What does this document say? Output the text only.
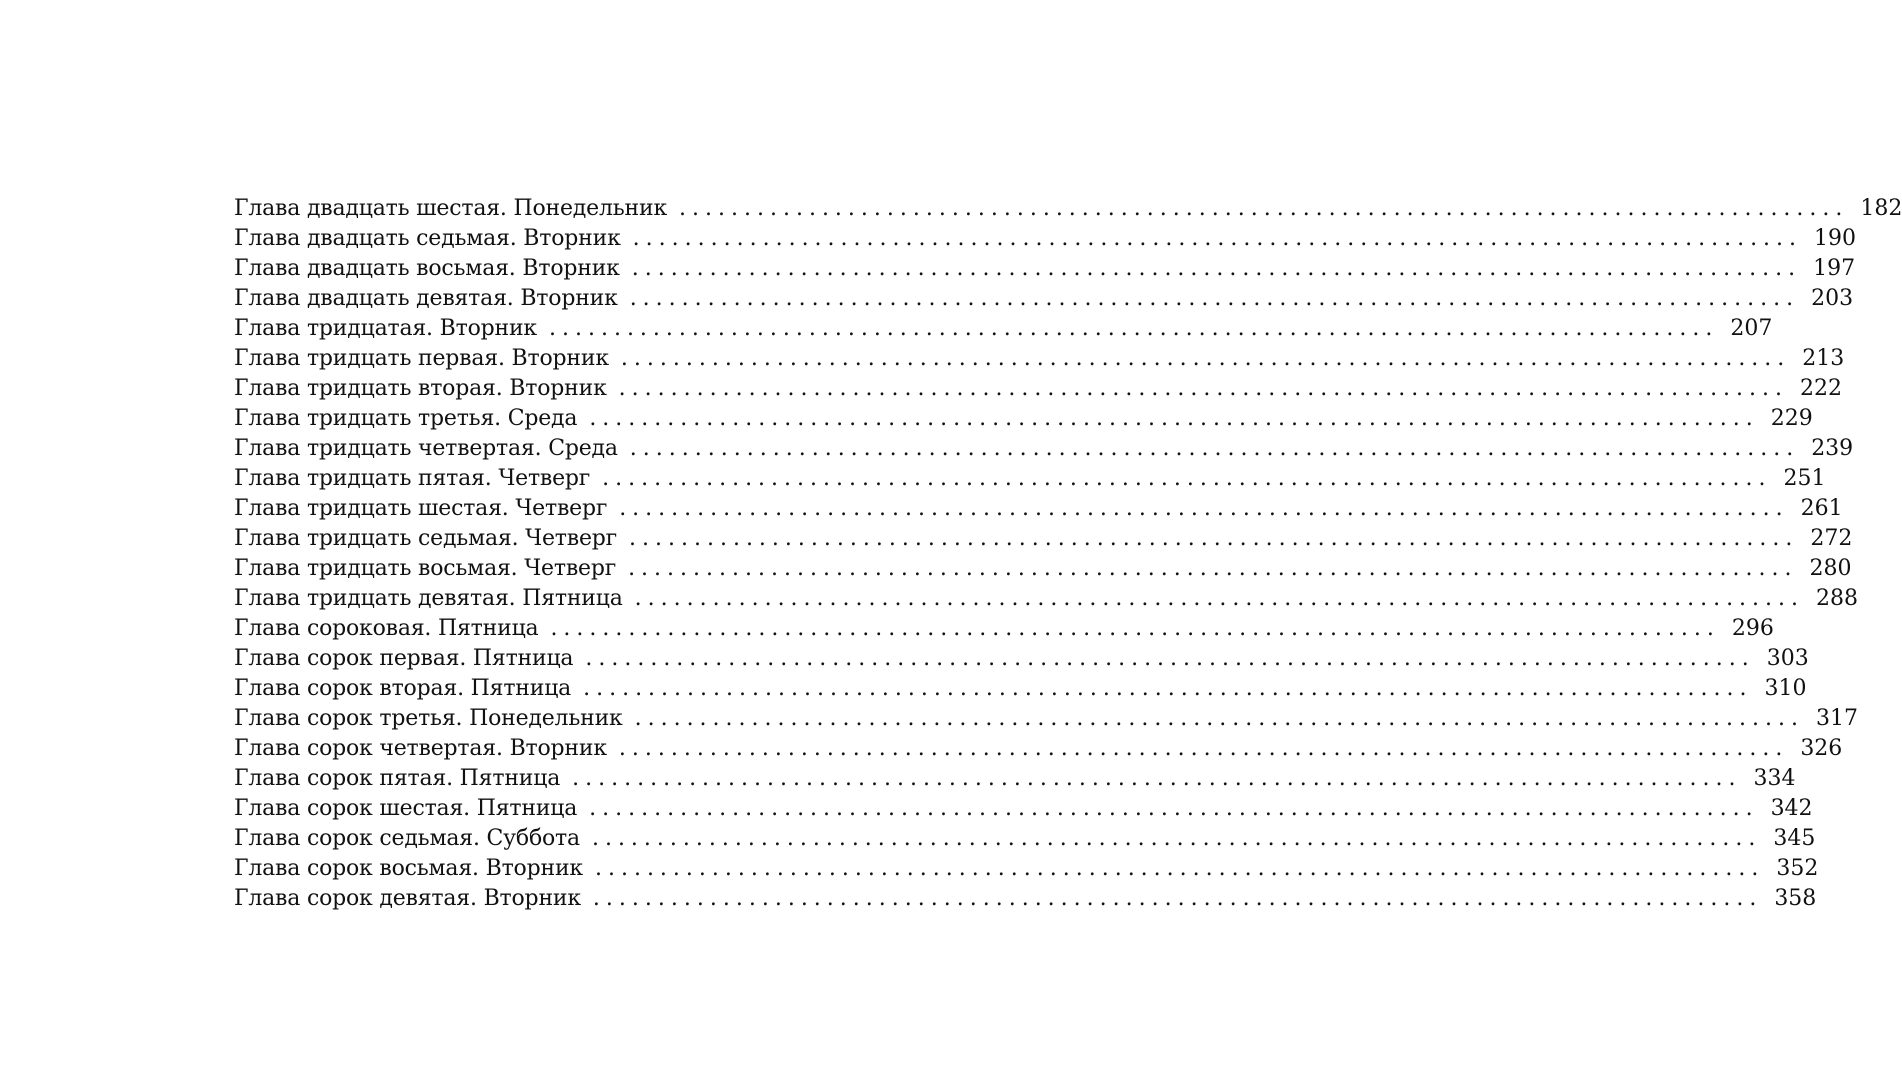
Глава двадцать шестая. Понедельник .......................................................................................... 182
Глава двадцать седьмая. Вторник .......................................................................................... 190
Глава двадцать восьмая. Вторник .......................................................................................... 197
Глава двадцать девятая. Вторник .......................................................................................... 203
Глава тридцатая. Вторник .......................................................................................... 207
Глава тридцать первая. Вторник .......................................................................................... 213
Глава тридцать вторая. Вторник .......................................................................................... 222
Глава тридцать третья. Среда .......................................................................................... 229
Глава тридцать четвертая. Среда .......................................................................................... 239
Глава тридцать пятая. Четверг .......................................................................................... 251
Глава тридцать шестая. Четверг .......................................................................................... 261
Глава тридцать седьмая. Четверг .......................................................................................... 272
Глава тридцать восьмая. Четверг .......................................................................................... 280
Глава тридцать девятая. Пятница .......................................................................................... 288
Глава сороковая. Пятница .......................................................................................... 296
Глава сорок первая. Пятница .......................................................................................... 303
Глава сорок вторая. Пятница .......................................................................................... 310
Глава сорок третья. Понедельник .......................................................................................... 317
Глава сорок четвертая. Вторник .......................................................................................... 326
Глава сорок пятая. Пятница .......................................................................................... 334
Глава сорок шестая. Пятница .......................................................................................... 342
Глава сорок седьмая. Суббота .......................................................................................... 345
Глава сорок восьмая. Вторник .......................................................................................... 352
Глава сорок девятая. Вторник .......................................................................................... 358
